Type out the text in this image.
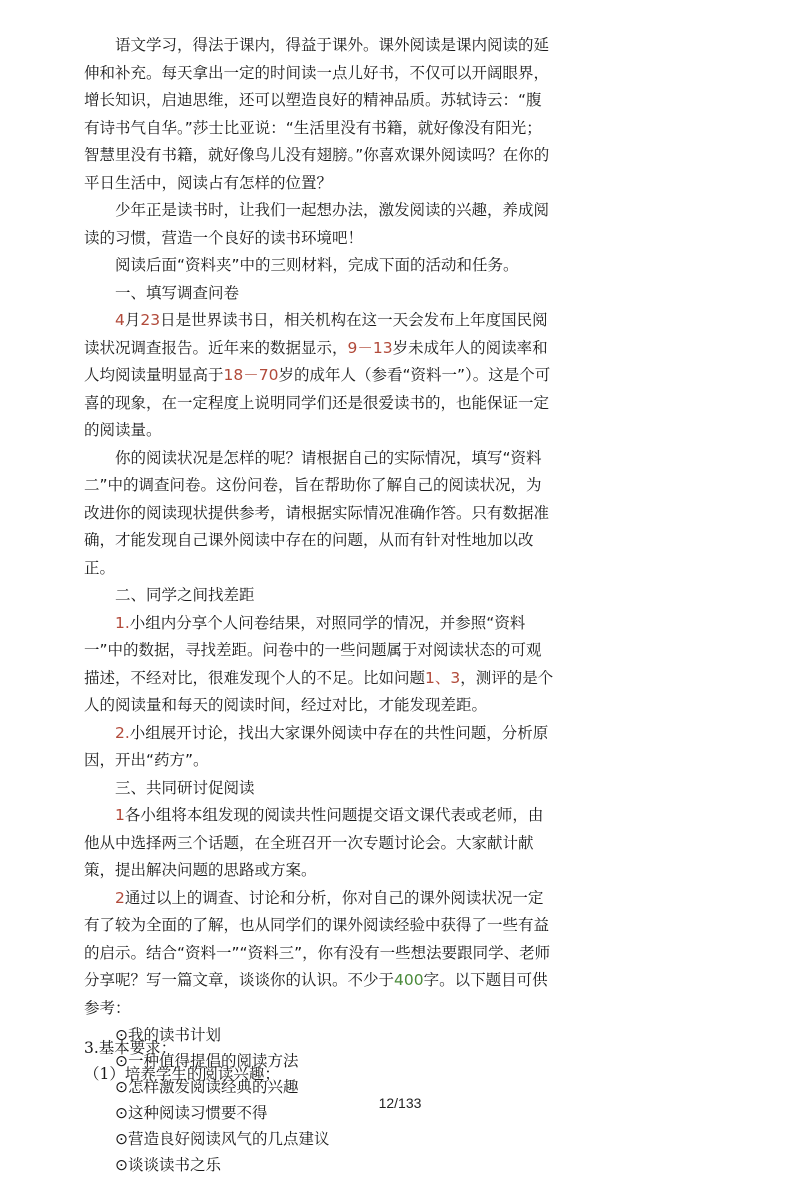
语文学习，得法于课内，得益于课外。课外阅读是课内阅读的延伸和补充。每天拿出一定的时间读一点儿好书，不仅可以开阔眼界，增长知识，启迪思维，还可以塑造良好的精神品质。苏轼诗云：“腹有诗书气自华。”莎士比亚说：“生活里没有书籍，就好像没有阳光；智慧里没有书籍，就好像鸟儿没有翅膀。”你喜欢课外阅读吗？在你的平日生活中，阅读占有怎样的位置？

少年正是读书时，让我们一起想办法，激发阅读的兴趣，养成阅读的习惯，营造一个良好的读书环境吧！

阅读后面“资料夹”中的三则材料，完成下面的活动和任务。

一、填写调查问卷

4月23日是世界读书日，相关机构在这一天会发布上年度国民阅读状况调查报告。近年来的数据显示，9－13岁未成年人的阅读率和人均阅读量明显高于18－70岁的成年人（参看“资料一”）。这是个可喜的现象，在一定程度上说明同学们还是很爱读书的，也能保证一定的阅读量。

你的阅读状况是怎样的呢？请根据自己的实际情况，填写“资料二”中的调查问卷。这份问卷，旨在帮助你了解自己的阅读状况，为改进你的阅读现状提供参考，请根据实际情况准确作答。只有数据准确，才能发现自己课外阅读中存在的问题，从而有针对性地加以改正。

二、同学之间找差距

1.小组内分享个人问卷结果，对照同学的情况，并参照“资料一”中的数据，寻找差距。问卷中的一些问题属于对阅读状态的可观描述，不经对比，很难发现个人的不足。比如问题1、3，测评的是个人的阅读量和每天的阅读时间，经过对比，才能发现差距。

2.小组展开讨论，找出大家课外阅读中存在的共性问题，分析原因，开出“药方”。

三、共同研讨促阅读

1各小组将本组发现的阅读共性问题提交语文课代表或老师，由他从中选择两三个话题，在全班召开一次专题讨论会。大家献计献策，提出解决问题的思路或方案。

2通过以上的调查、讨论和分析，你对自己的课外阅读状况一定有了较为全面的了解，也从同学们的课外阅读经验中获得了一些有益的启示。结合“资料一”“资料三”，你有没有一些想法要跟同学、老师分享呢？写一篇文章，谈谈你的认识。不少于400字。以下题目可供参考：

⊙我的读书计划

⊙一种值得提倡的阅读方法

⊙怎样激发阅读经典的兴趣

⊙这种阅读习惯要不得

⊙营造良好阅读风气的几点建议

⊙谈谈读书之乐

3.基本要求：
（1）培养学生的阅读兴趣；
12/133
